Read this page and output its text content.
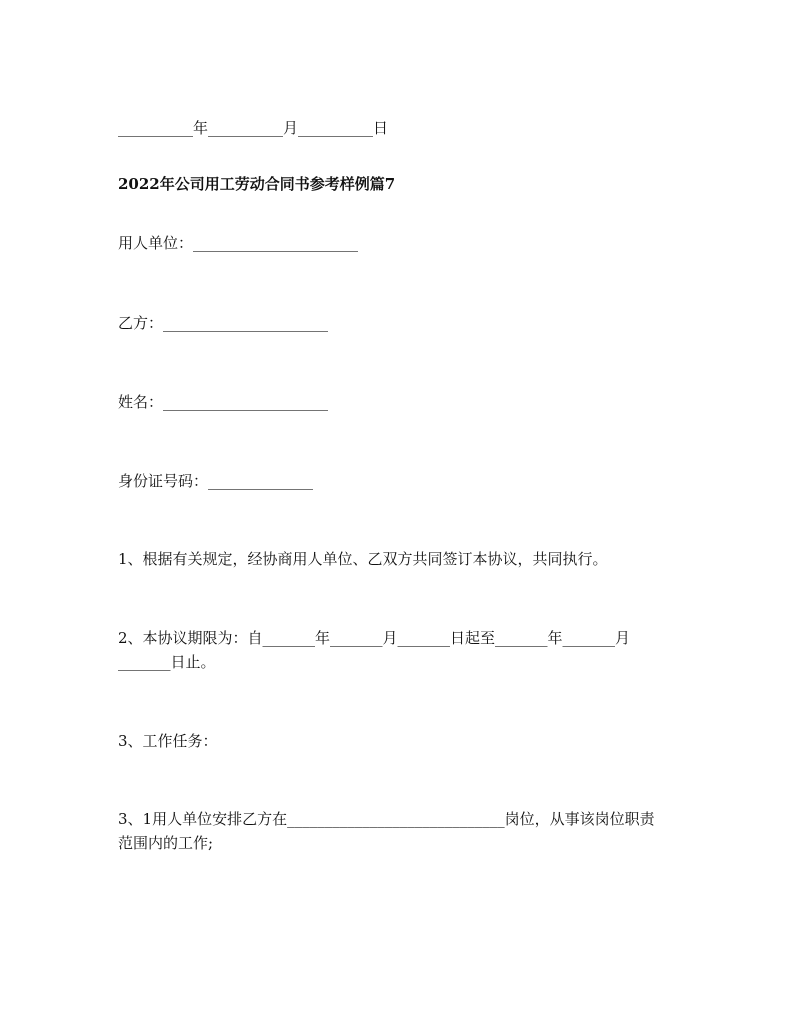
__________年__________月__________日
2022年公司用工劳动合同书参考样例篇7
用人单位：______________________
乙方：______________________
姓名：______________________
身份证号码：______________
1、根据有关规定，经协商用人单位、乙双方共同签订本协议，共同执行。
2、本协议期限为：自_______年_______月_______日起至_______年_______月
_______日止。
3、工作任务：
3、1用人单位安排乙方在_____________________________岗位，从事该岗位职责
范围内的工作;
